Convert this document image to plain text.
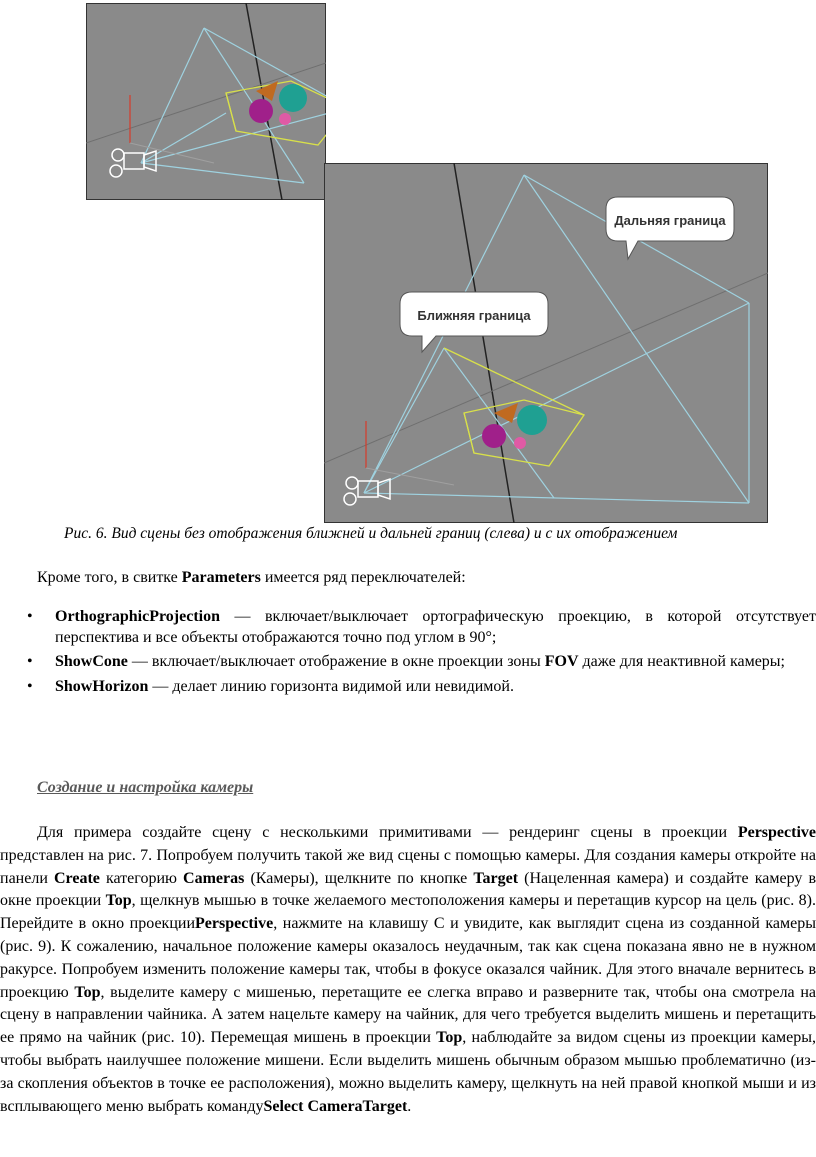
Дальняя граница
Ближняя граница
Рис. 6. Вид сцены без отображения ближней и дальней границ (слева) и с их отображением
Кроме того, в свитке Parameters имеется ряд переключателей:
• OrthographicProjection — включает/выключает ортографическую проекцию, в которой отсутствует перспектива и все объекты отображаются точно под углом в 90°;
• ShowCone — включает/выключает отображение в окне проекции зоны FOV даже для неактивной камеры;
• ShowHorizon — делает линию горизонта видимой или невидимой.
Создание и настройка камеры
Для примера создайте сцену с несколькими примитивами — рендеринг сцены в проекции Perspective представлен на рис. 7. Попробуем получить такой же вид сцены с помощью камеры. Для создания камеры откройте на панели Create категорию Cameras (Камеры), щелкните по кнопке Target (Нацеленная камера) и создайте камеру в окне проекции Top, щелкнув мышью в точке желаемого местоположения камеры и перетащив курсор на цель (рис. 8). Перейдите в окно проекцииPerspective, нажмите на клавишу С и увидите, как выглядит сцена из созданной камеры (рис. 9). К сожалению, начальное положение камеры оказалось неудачным, так как сцена показана явно не в нужном ракурсе. Попробуем изменить положение камеры так, чтобы в фокусе оказался чайник. Для этого вначале вернитесь в проекцию Top, выделите камеру с мишенью, перетащите ее слегка вправо и разверните так, чтобы она смотрела на сцену в направлении чайника. А затем нацельте камеру на чайник, для чего требуется выделить мишень и перетащить ее прямо на чайник (рис. 10). Перемещая мишень в проекции Top, наблюдайте за видом сцены из проекции камеры, чтобы выбрать наилучшее положение мишени. Если выделить мишень обычным образом мышью проблематично (из-за скопления объектов в точке ее расположения), можно выделить камеру, щелкнуть на ней правой кнопкой мыши и из всплывающего меню выбрать командуSelect CameraTarget.
